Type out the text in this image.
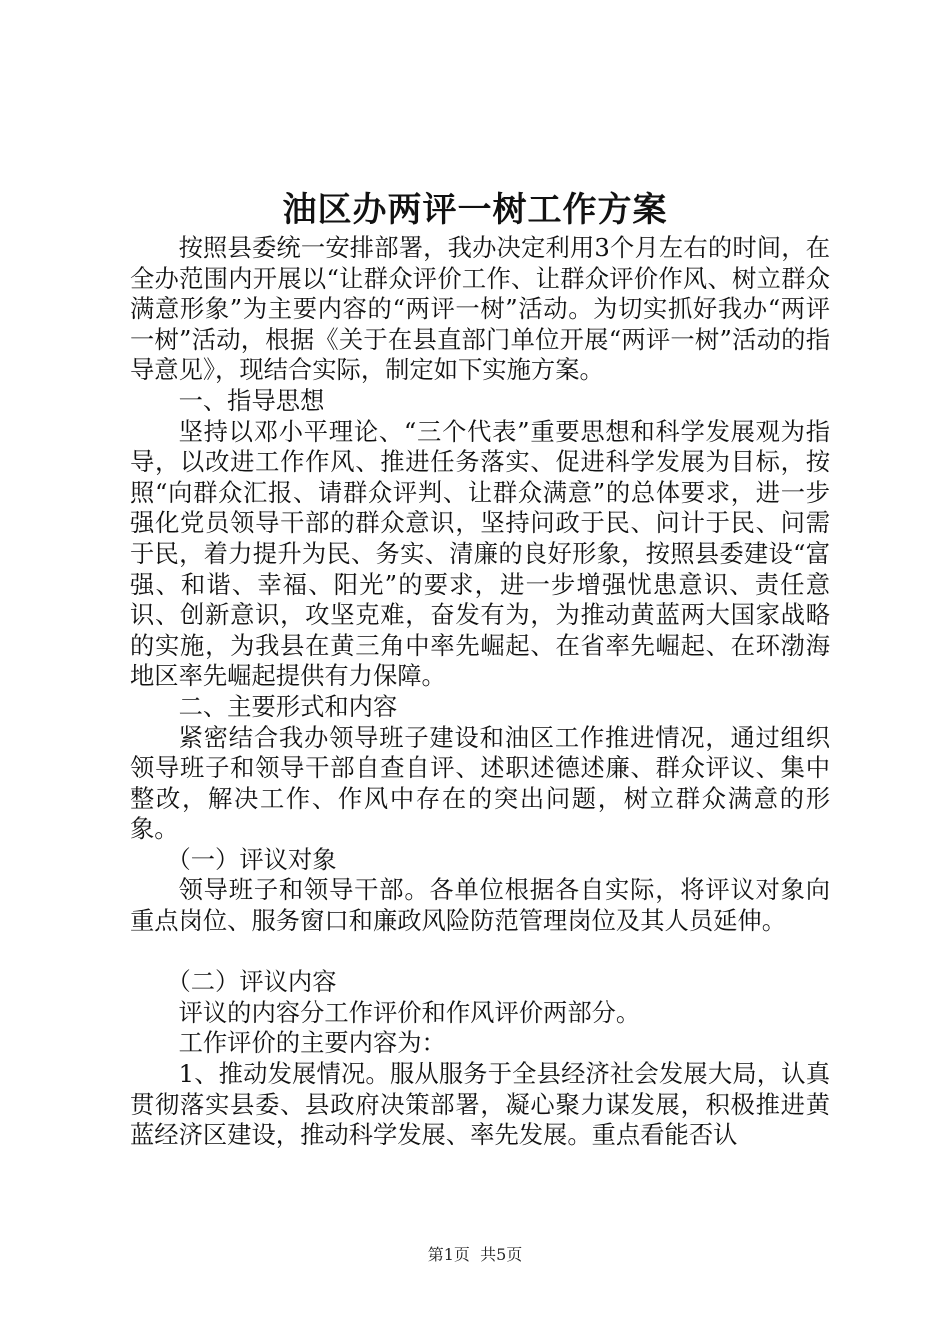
油区办两评一树工作方案

按照县委统一安排部署，我办决定利用3个月左右的时间，在全办范围内开展以“让群众评价工作、让群众评价作风、树立群众满意形象”为主要内容的“两评一树”活动。为切实抓好我办“两评一树”活动，根据《关于在县直部门单位开展“两评一树”活动的指导意见》，现结合实际，制定如下实施方案。

一、指导思想

坚持以邓小平理论、“三个代表”重要思想和科学发展观为指导，以改进工作作风、推进任务落实、促进科学发展为目标，按照“向群众汇报、请群众评判、让群众满意”的总体要求，进一步强化党员领导干部的群众意识，坚持问政于民、问计于民、问需于民，着力提升为民、务实、清廉的良好形象，按照县委建设“富强、和谐、幸福、阳光”的要求，进一步增强忧患意识、责任意识、创新意识，攻坚克难，奋发有为，为推动黄蓝两大国家战略的实施，为我县在黄三角中率先崛起、在省率先崛起、在环渤海地区率先崛起提供有力保障。

二、主要形式和内容

紧密结合我办领导班子建设和油区工作推进情况，通过组织领导班子和领导干部自查自评、述职述德述廉、群众评议、集中整改，解决工作、作风中存在的突出问题，树立群众满意的形象。

（一）评议对象

领导班子和领导干部。各单位根据各自实际，将评议对象向重点岗位、服务窗口和廉政风险防范管理岗位及其人员延伸。

（二）评议内容

评议的内容分工作评价和作风评价两部分。

工作评价的主要内容为：

1、推动发展情况。服从服务于全县经济社会发展大局，认真贯彻落实县委、县政府决策部署，凝心聚力谋发展，积极推进黄蓝经济区建设，推动科学发展、率先发展。重点看能否认

第1页  共5页
